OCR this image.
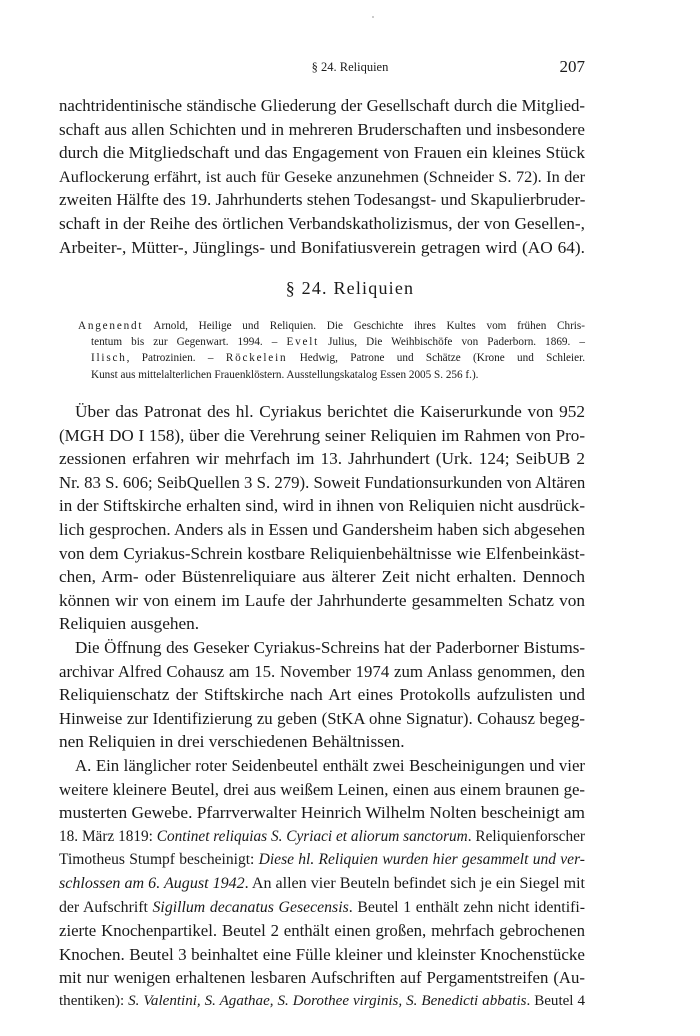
§ 24. Reliquien	207
nachtridentinische ständische Gliederung der Gesellschaft durch die Mitglied-
schaft aus allen Schichten und in mehreren Bruderschaften und insbesondere
durch die Mitgliedschaft und das Engagement von Frauen ein kleines Stück
Auflockerung erfährt, ist auch für Geseke anzunehmen (Schneider S. 72). In der
zweiten Hälfte des 19. Jahrhunderts stehen Todesangst- und Skapulierbruder-
schaft in der Reihe des örtlichen Verbandskatholizismus, der von Gesellen-,
Arbeiter-, Mütter-, Jünglings- und Bonifatiusverein getragen wird (AO 64).
§ 24. Reliquien
Angenendt Arnold, Heilige und Reliquien. Die Geschichte ihres Kultes vom frühen Chris-
tentum bis zur Gegenwart. 1994. – Evelt Julius, Die Weihbischöfe von Paderborn. 1869. –
Ilisch, Patrozinien. – Röckelein Hedwig, Patrone und Schätze (Krone und Schleier.
Kunst aus mittelalterlichen Frauenklöstern. Ausstellungskatalog Essen 2005 S. 256 f.).
Über das Patronat des hl. Cyriakus berichtet die Kaiserurkunde von 952
(MGH DO I 158), über die Verehrung seiner Reliquien im Rahmen von Pro-
zessionen erfahren wir mehrfach im 13. Jahrhundert (Urk. 124; SeibUB 2
Nr. 83 S. 606; SeibQuellen 3 S. 279). Soweit Fundationsurkunden von Altären
in der Stiftskirche erhalten sind, wird in ihnen von Reliquien nicht ausdrück-
lich gesprochen. Anders als in Essen und Gandersheim haben sich abgesehen
von dem Cyriakus-Schrein kostbare Reliquienbehältnisse wie Elfenbeinkäst-
chen, Arm- oder Büstenreliquiare aus älterer Zeit nicht erhalten. Dennoch
können wir von einem im Laufe der Jahrhunderte gesammelten Schatz von
Reliquien ausgehen.
Die Öffnung des Geseker Cyriakus-Schreins hat der Paderborner Bistums-
archivar Alfred Cohausz am 15. November 1974 zum Anlass genommen, den
Reliquienschatz der Stiftskirche nach Art eines Protokolls aufzulisten und
Hinweise zur Identifizierung zu geben (StKA ohne Signatur). Cohausz begeg-
nen Reliquien in drei verschiedenen Behältnissen.
A. Ein länglicher roter Seidenbeutel enthält zwei Bescheinigungen und vier
weitere kleinere Beutel, drei aus weißem Leinen, einen aus einem braunen ge-
musterten Gewebe. Pfarrverwalter Heinrich Wilhelm Nolten bescheinigt am
18. März 1819: Continet reliquias S. Cyriaci et aliorum sanctorum. Reliquienforscher
Timotheus Stumpf bescheinigt: Diese hl. Reliquien wurden hier gesammelt und ver-
schlossen am 6. August 1942. An allen vier Beuteln befindet sich je ein Siegel mit
der Aufschrift Sigillum decanatus Gesecensis. Beutel 1 enthält zehn nicht identifi-
zierte Knochenpartikel. Beutel 2 enthält einen großen, mehrfach gebrochenen
Knochen. Beutel 3 beinhaltet eine Fülle kleiner und kleinster Knochenstücke
mit nur wenigen erhaltenen lesbaren Aufschriften auf Pergamentstreifen (Au-
thentiken): S. Valentini, S. Agathae, S. Dorothee virginis, S. Benedicti abbatis. Beutel 4
